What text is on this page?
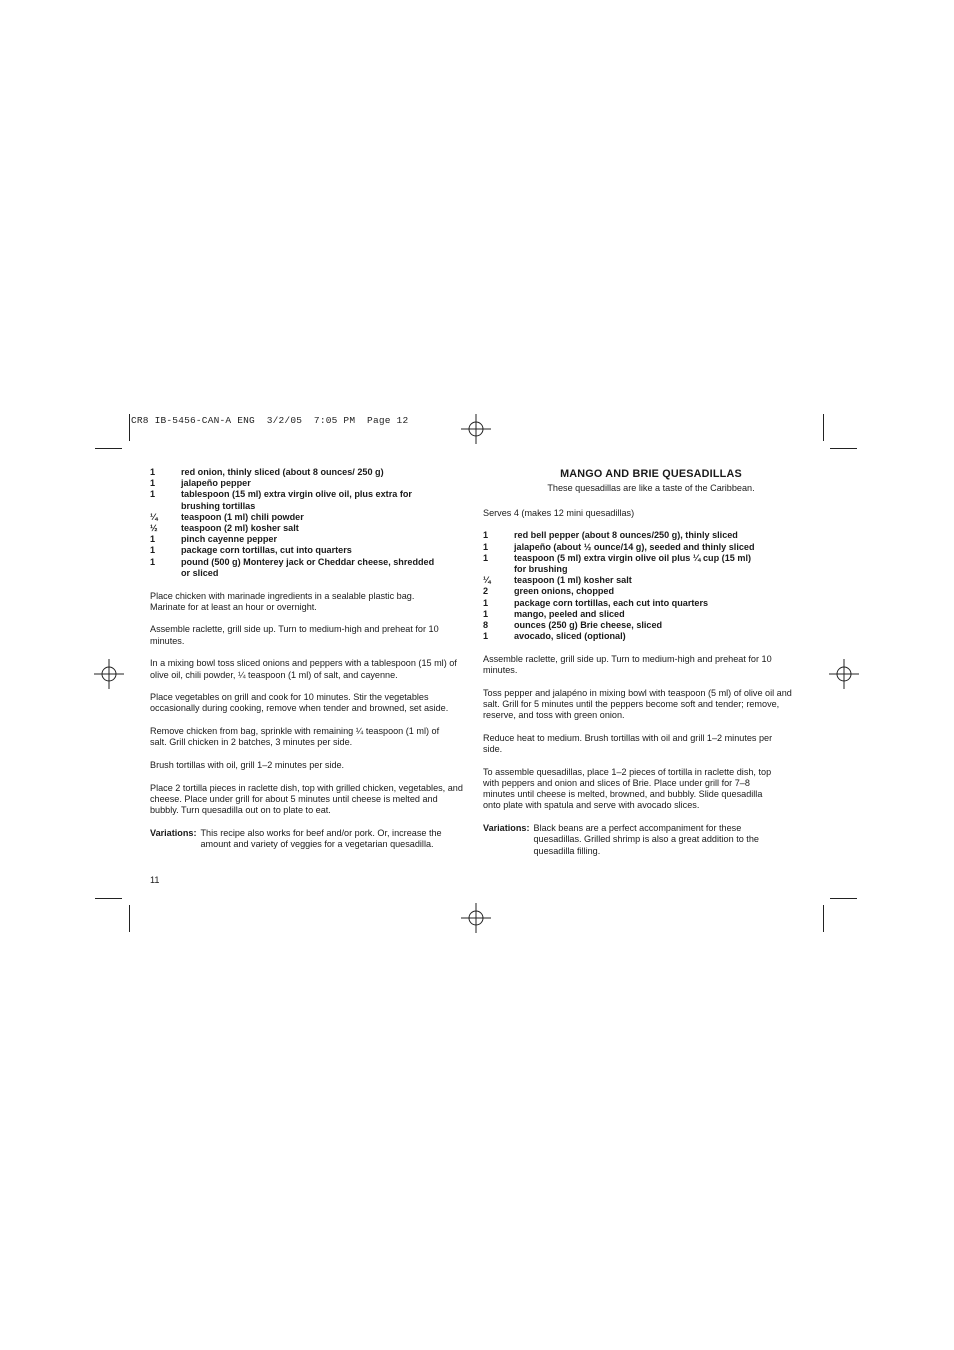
CR8 IB-5456-CAN-A ENG  3/2/05  7:05 PM  Page 12
1	red onion, thinly sliced (about 8 ounces/ 250 g)
1	jalapeño pepper
1	tablespoon (15 ml) extra virgin olive oil, plus extra for brushing tortillas
¼	teaspoon (1 ml) chili powder
½	teaspoon (2 ml) kosher salt
1	pinch cayenne pepper
1	package corn tortillas, cut into quarters
1	pound (500 g) Monterey jack or Cheddar cheese, shredded or sliced

Place chicken with marinade ingredients in a sealable plastic bag. Marinate for at least an hour or overnight.

Assemble raclette, grill side up. Turn to medium-high and preheat for 10 minutes.

In a mixing bowl toss sliced onions and peppers with a tablespoon (15 ml) of olive oil, chili powder, ¼ teaspoon (1 ml) of salt, and cayenne.

Place vegetables on grill and cook for 10 minutes. Stir the vegetables occasionally during cooking, remove when tender and browned, set aside.

Remove chicken from bag, sprinkle with remaining ¼ teaspoon (1 ml) of salt. Grill chicken in 2 batches, 3 minutes per side.

Brush tortillas with oil, grill 1–2 minutes per side.

Place 2 tortilla pieces in raclette dish, top with grilled chicken, vegetables, and cheese. Place under grill for about 5 minutes until cheese is melted and bubbly. Turn quesadilla out on to plate to eat.

Variations: This recipe also works for beef and/or pork. Or, increase the amount and variety of veggies for a vegetarian quesadilla.
11
MANGO AND BRIE QUESADILLAS

These quesadillas are like a taste of the Caribbean.

Serves 4 (makes 12 mini quesadillas)

1	red bell pepper (about 8 ounces/250 g), thinly sliced
1	jalapeño (about ½ ounce/14 g), seeded and thinly sliced
1	teaspoon (5 ml) extra virgin olive oil plus ¼ cup (15 ml) for brushing
¼	teaspoon (1 ml) kosher salt
2	green onions, chopped
1	package corn tortillas, each cut into quarters
1	mango, peeled and sliced
8	ounces (250 g) Brie cheese, sliced
1	avocado, sliced (optional)

Assemble raclette, grill side up. Turn to medium-high and preheat for 10 minutes.

Toss pepper and jalapéno in mixing bowl with teaspoon (5 ml) of olive oil and salt. Grill for 5 minutes until the peppers become soft and tender; remove, reserve, and toss with green onion.

Reduce heat to medium. Brush tortillas with oil and grill 1–2 minutes per side.

To assemble quesadillas, place 1–2 pieces of tortilla in raclette dish, top with peppers and onion and slices of Brie. Place under grill for 7–8 minutes until cheese is melted, browned, and bubbly. Slide quesadilla onto plate with spatula and serve with avocado slices.

Variations: Black beans are a perfect accompaniment for these quesadillas. Grilled shrimp is also a great addition to the quesadilla filling.
